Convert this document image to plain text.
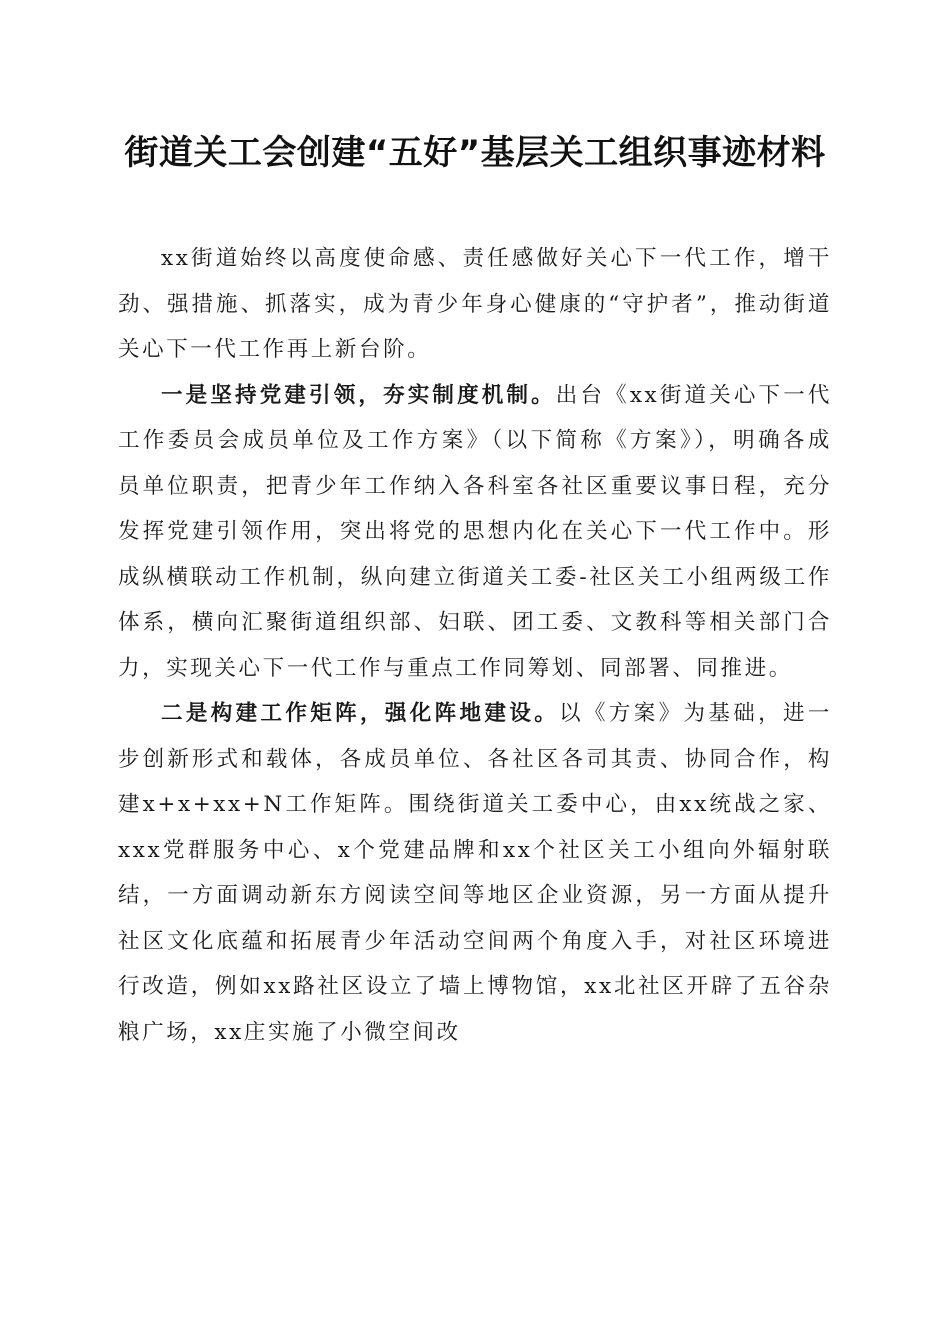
街道关工会创建“五好”基层关工组织事迹材料

xx街道始终以高度使命感、责任感做好关心下一代工作，增干劲、强措施、抓落实，成为青少年身心健康的“守护者”，推动街道关心下一代工作再上新台阶。

一是坚持党建引领，夯实制度机制。出台《xx街道关心下一代工作委员会成员单位及工作方案》（以下简称《方案》），明确各成员单位职责，把青少年工作纳入各科室各社区重要议事日程，充分发挥党建引领作用，突出将党的思想内化在关心下一代工作中。形成纵横联动工作机制，纵向建立街道关工委-社区关工小组两级工作体系，横向汇聚街道组织部、妇联、团工委、文教科等相关部门合力，实现关心下一代工作与重点工作同筹划、同部署、同推进。

二是构建工作矩阵，强化阵地建设。以《方案》为基础，进一步创新形式和载体，各成员单位、各社区各司其责、协同合作，构建x+x+xx+N工作矩阵。围绕街道关工委中心，由xx统战之家、xxx党群服务中心、x个党建品牌和xx个社区关工小组向外辐射联结，一方面调动新东方阅读空间等地区企业资源，另一方面从提升社区文化底蕴和拓展青少年活动空间两个角度入手，对社区环境进行改造，例如xx路社区设立了墙上博物馆，xx北社区开辟了五谷杂粮广场，xx庄实施了小微空间改
